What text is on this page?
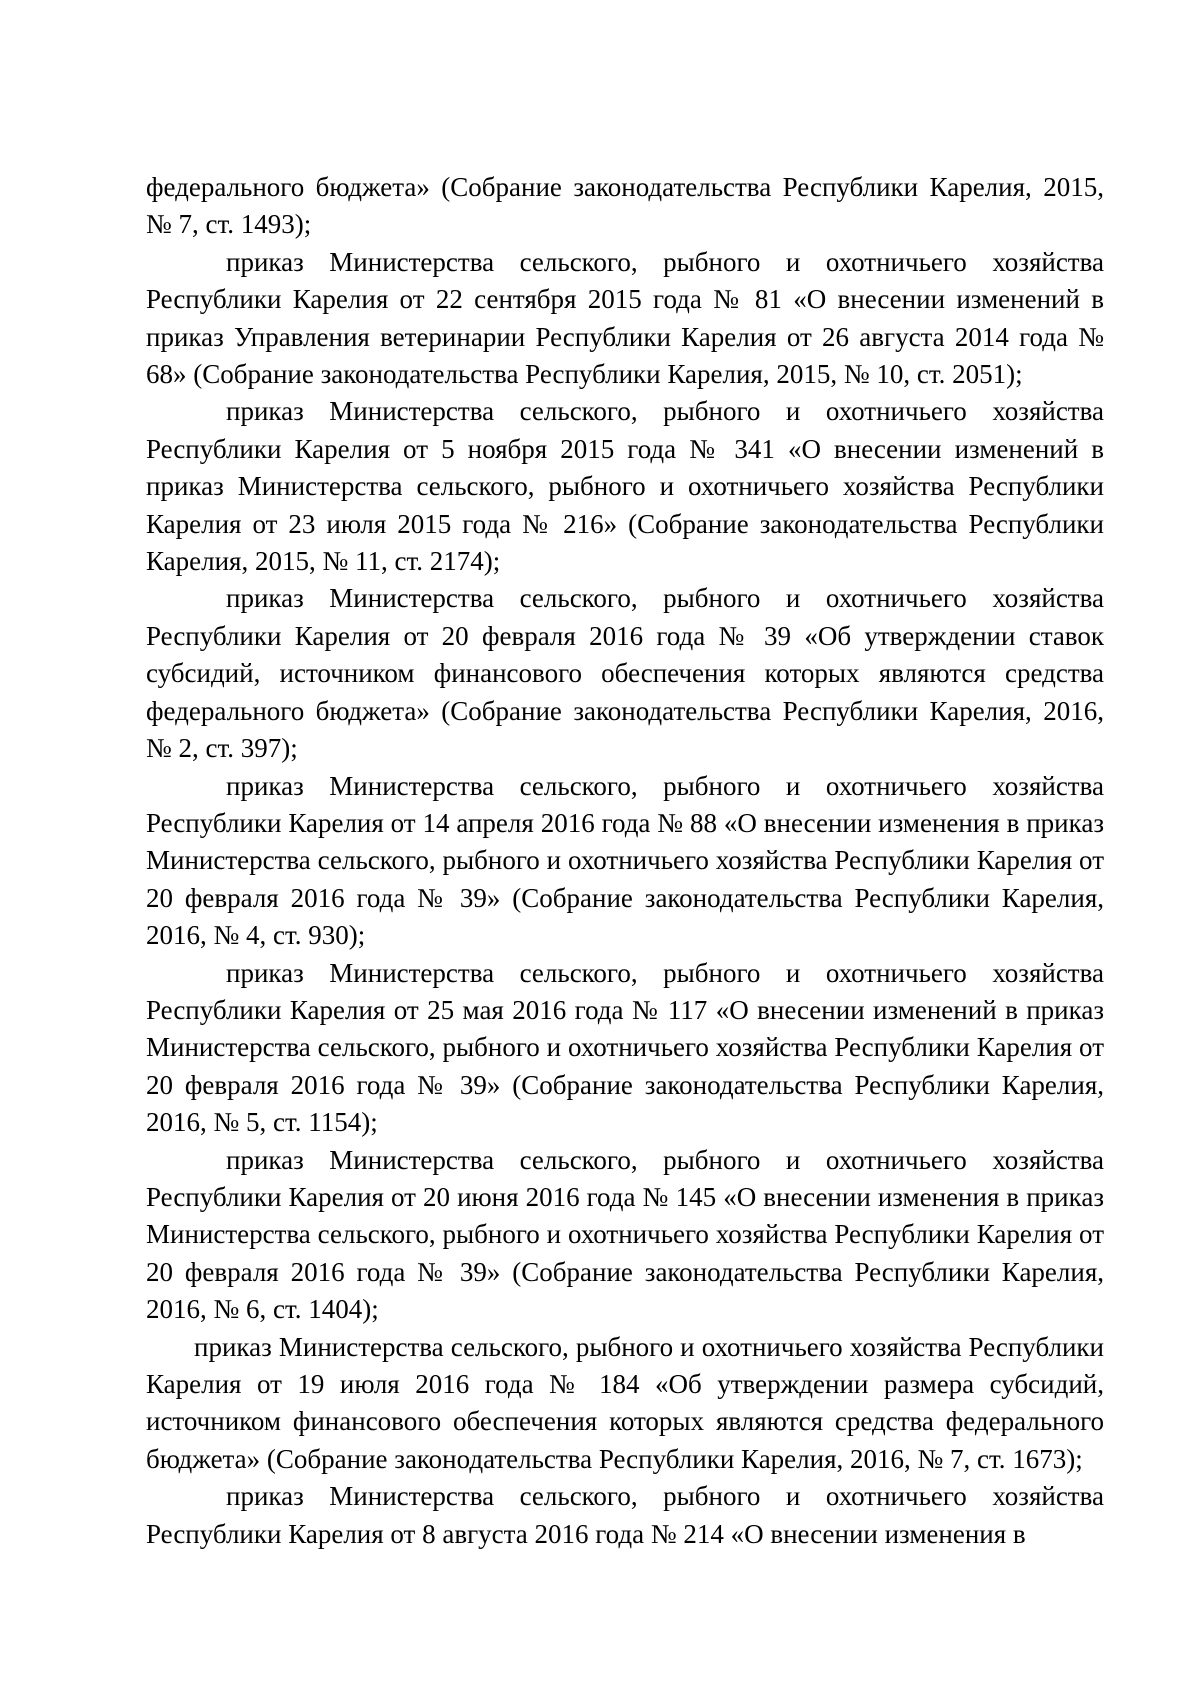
федерального бюджета» (Собрание законодательства Республики Карелия, 2015, № 7, ст. 1493);

приказ Министерства сельского, рыбного и охотничьего хозяйства Республики Карелия от 22 сентября 2015 года № 81 «О внесении изменений в приказ Управления ветеринарии Республики Карелия от 26 августа 2014 года № 68» (Собрание законодательства Республики Карелия, 2015, № 10, ст. 2051);

приказ Министерства сельского, рыбного и охотничьего хозяйства Республики Карелия от 5 ноября 2015 года № 341 «О внесении изменений в приказ Министерства сельского, рыбного и охотничьего хозяйства Республики Карелия от 23 июля 2015 года № 216» (Собрание законодательства Республики Карелия, 2015, № 11, ст. 2174);

приказ Министерства сельского, рыбного и охотничьего хозяйства Республики Карелия от 20 февраля 2016 года № 39 «Об утверждении ставок субсидий, источником финансового обеспечения которых являются средства федерального бюджета» (Собрание законодательства Республики Карелия, 2016, № 2, ст. 397);

приказ Министерства сельского, рыбного и охотничьего хозяйства Республики Карелия от 14 апреля 2016 года № 88 «О внесении изменения в приказ Министерства сельского, рыбного и охотничьего хозяйства Республики Карелия от 20 февраля 2016 года № 39» (Собрание законодательства Республики Карелия, 2016, № 4, ст. 930);

приказ Министерства сельского, рыбного и охотничьего хозяйства Республики Карелия от 25 мая 2016 года № 117 «О внесении изменений в приказ Министерства сельского, рыбного и охотничьего хозяйства Республики Карелия от 20 февраля 2016 года № 39» (Собрание законодательства Республики Карелия, 2016, № 5, ст. 1154);

приказ Министерства сельского, рыбного и охотничьего хозяйства Республики Карелия от 20 июня 2016 года № 145 «О внесении изменения в приказ Министерства сельского, рыбного и охотничьего хозяйства Республики Карелия от 20 февраля 2016 года № 39» (Собрание законодательства Республики Карелия, 2016, № 6, ст. 1404);

приказ Министерства сельского, рыбного и охотничьего хозяйства Республики Карелия от 19 июля 2016 года № 184 «Об утверждении размера субсидий, источником финансового обеспечения которых являются средства федерального бюджета» (Собрание законодательства Республики Карелия, 2016, № 7, ст. 1673);

приказ Министерства сельского, рыбного и охотничьего хозяйства Республики Карелия от 8 августа 2016 года № 214 «О внесении изменения в
